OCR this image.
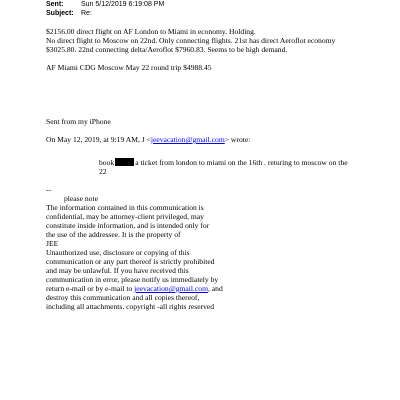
Sent:	Sun 5/12/2019 6:19:08 PM
Subject: Re:
$2156.00 direct flight on AF London to Miami in economy. Holding.
No direct flight to Moscow on 22nd. Only connecting flights. 21st has direct Aeroflot economy
$3025.80. 22nd connecting delta/Aeroflot $7960.83. Seems to be high demand.
AF Miami CDG Moscow May 22 round trip $4988.45
Sent from my iPhone
On May 12, 2019, at 9:19 AM, J <jeevacation@gmail.com> wrote:
book	a ticket from london to miami on the 16th . returing to moscow on the
22
--
please note
The information contained in this communication is
confidential, may be attorney-client privileged, may
constitute inside information, and is intended only for
the use of the addressee. It is the property of
JEE
Unauthorized use, disclosure or copying of this
communication or any part thereof is strictly prohibited
and may be unlawful. If you have received this
communication in error, please notify us immediately by
return e-mail or by e-mail to jeevacation@gmail.com, and
destroy this communication and all copies thereof,
including all attachments. copyright -all rights reserved
